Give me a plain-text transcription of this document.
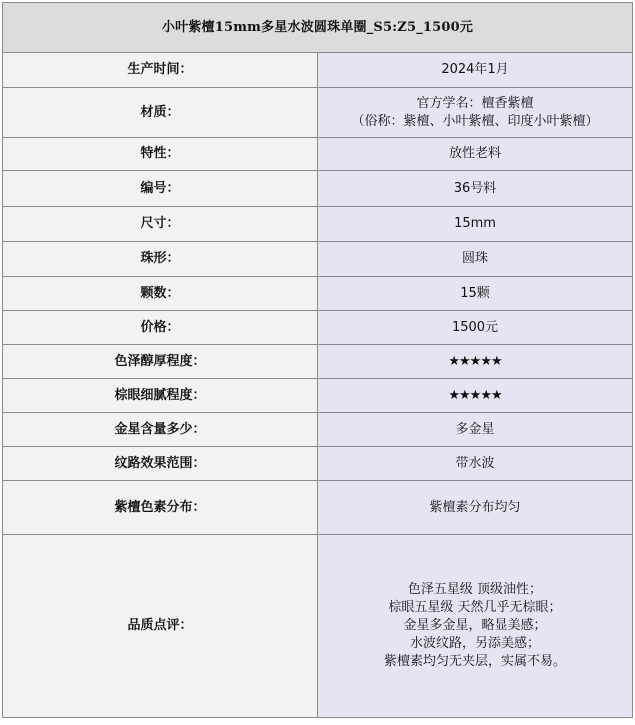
小叶紫檀15mm多星水波圆珠单圈_S5:Z5_1500元	
生产时间：	2024年1月
材质：	官方学名：檀香紫檀
（俗称：紫檀、小叶紫檀、印度小叶紫檀）

特性：	放性老料
编号：	36号料
尺寸：	15mm
珠形：	圆珠
颗数：	15颗
价格：	1500元
色泽醇厚程度：	★★★★★
棕眼细腻程度：	★★★★★
金星含量多少：	多金星
纹路效果范围：	带水波
紫檀色素分布：	紫檀素分布均匀
品质点评：	色泽五星级 顶级油性；
棕眼五星级 天然几乎无棕眼；
金星多金星，略显美感；
水波纹路，另添美感；
紫檀素均匀无夹层，实属不易。
